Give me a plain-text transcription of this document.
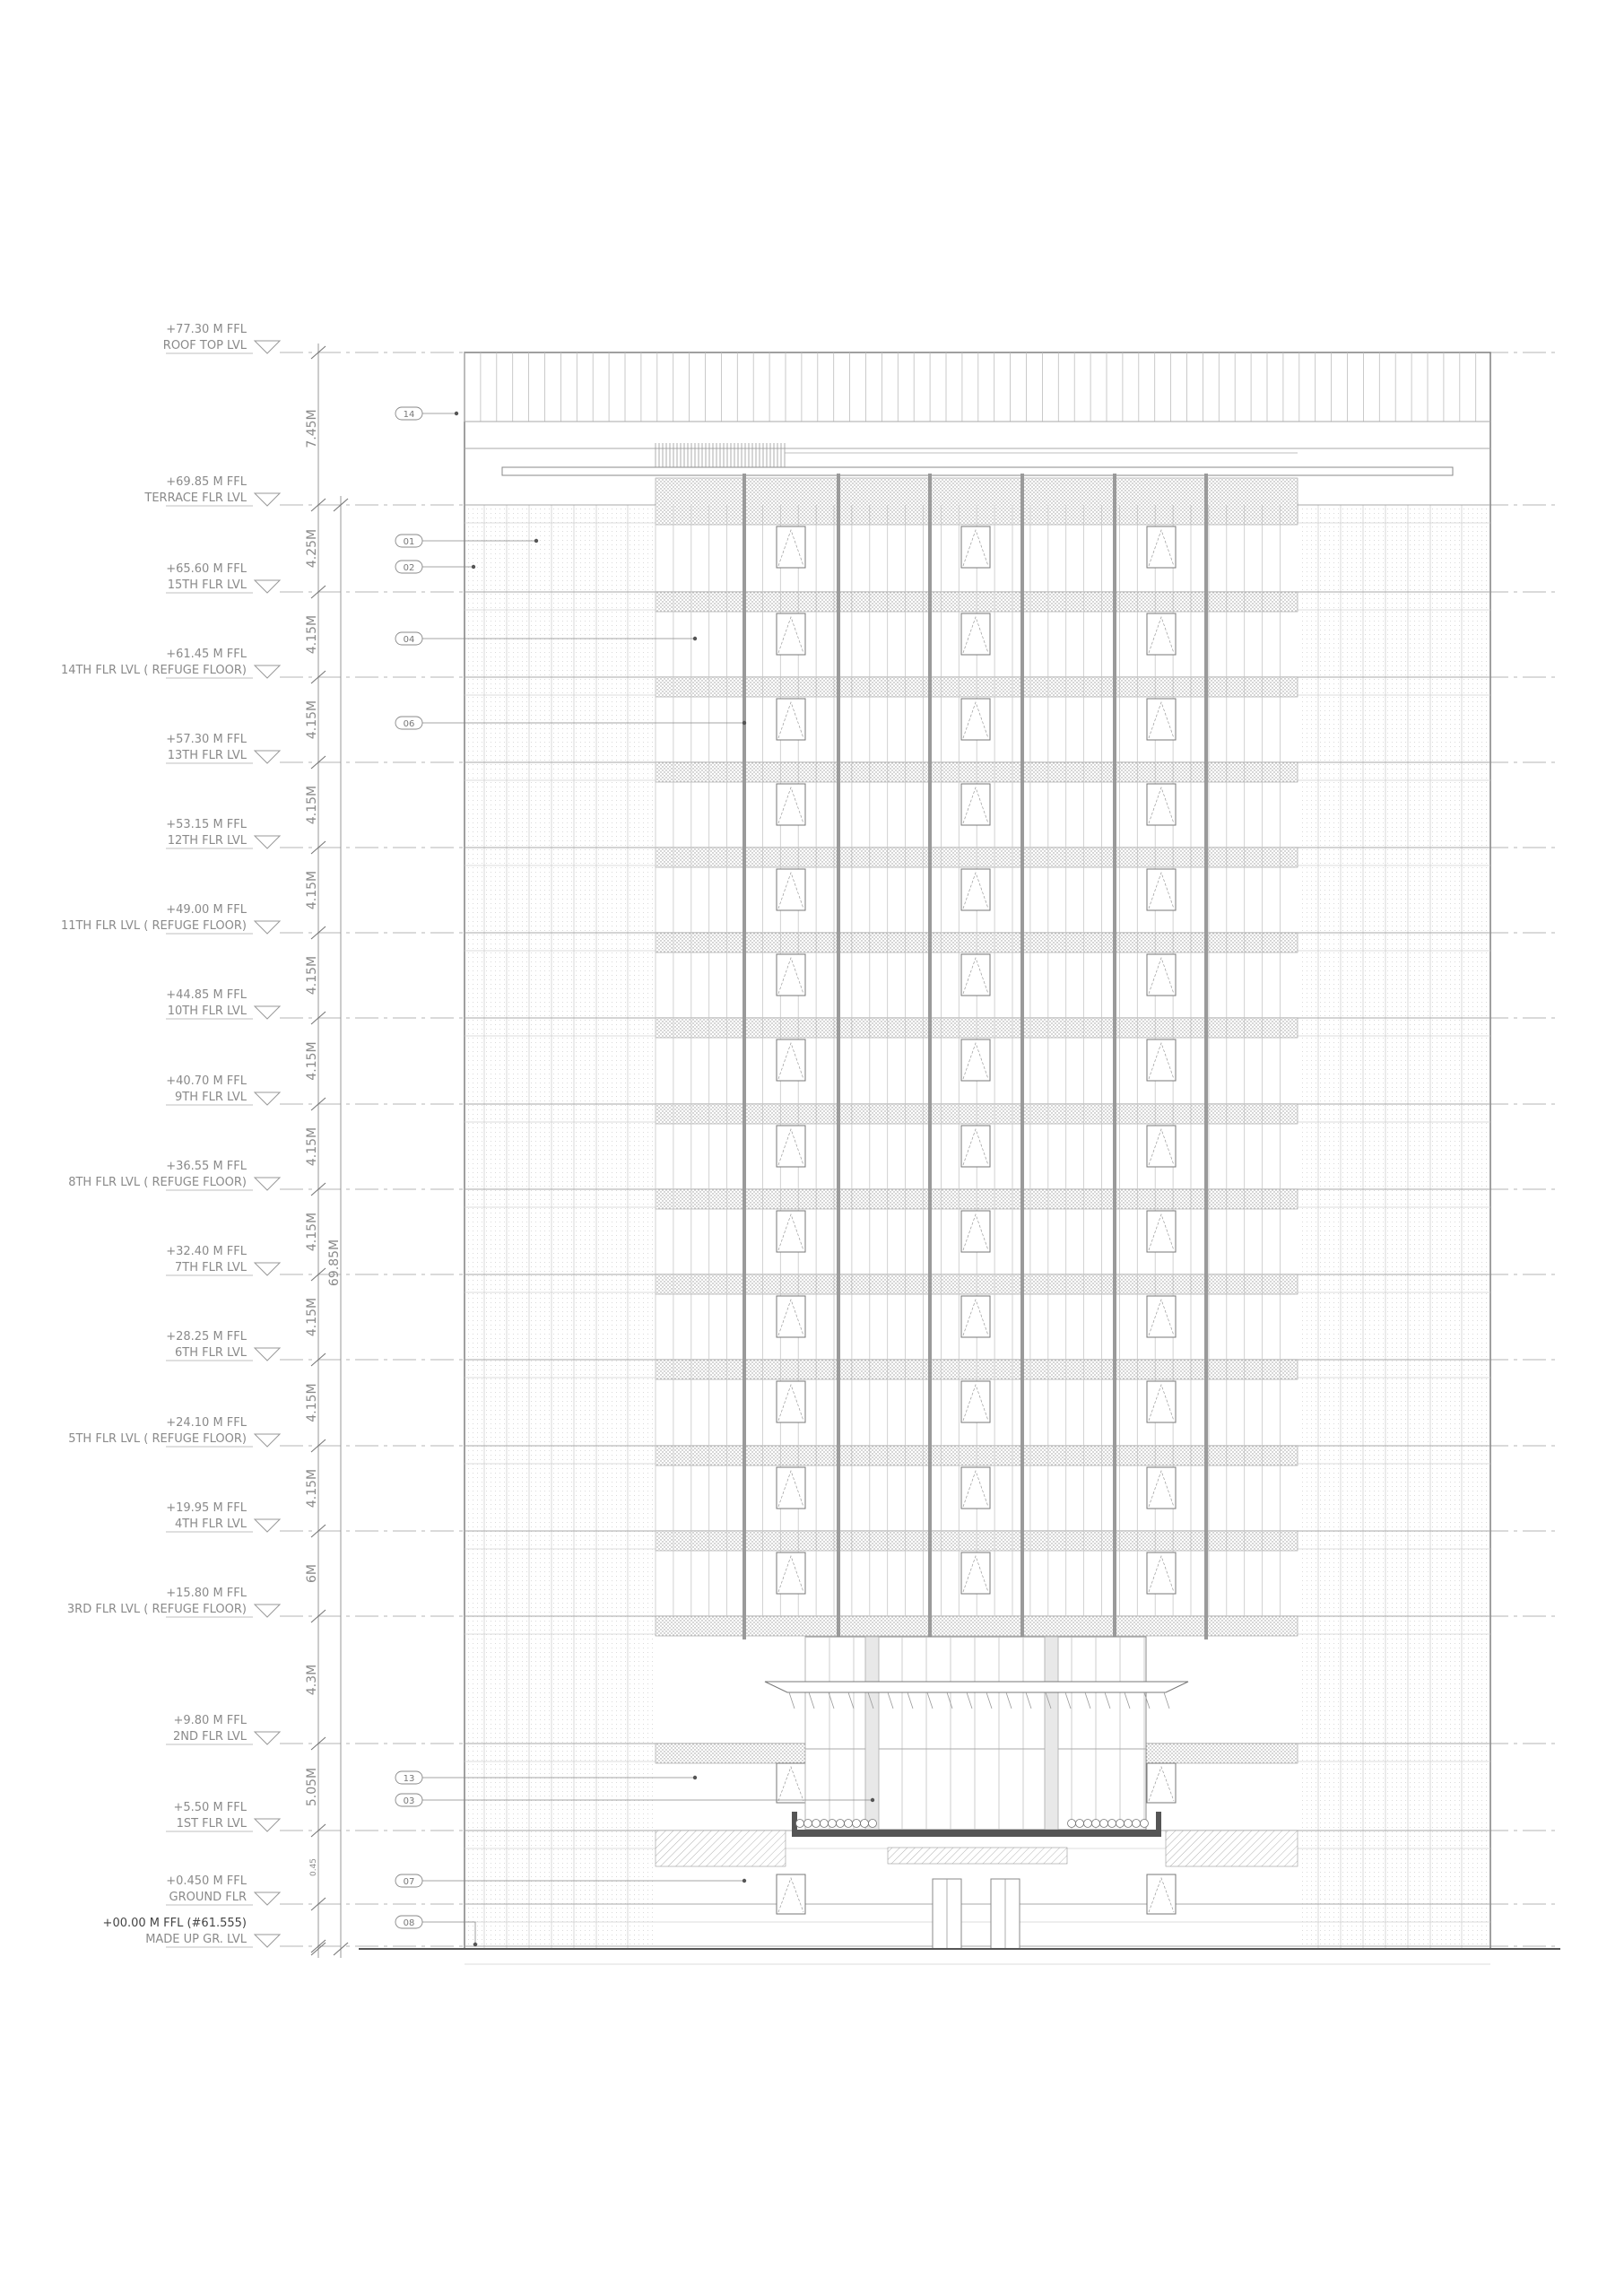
+77.30 M FFL
ROOF TOP LVL
+69.85 M FFL
TERRACE FLR LVL
+65.60 M FFL
15TH FLR LVL
+61.45 M FFL
14TH FLR LVL ( REFUGE FLOOR)
+57.30 M FFL
13TH FLR LVL
+53.15 M FFL
12TH FLR LVL
+49.00 M FFL
11TH FLR LVL ( REFUGE FLOOR)
+44.85 M FFL
10TH FLR LVL
+40.70 M FFL
9TH FLR LVL
+36.55 M FFL
8TH FLR LVL ( REFUGE FLOOR)
+32.40 M FFL
7TH FLR LVL
+28.25 M FFL
6TH FLR LVL
+24.10 M FFL
5TH FLR LVL ( REFUGE FLOOR)
+19.95 M FFL
4TH FLR LVL
+15.80 M FFL
3RD FLR LVL ( REFUGE FLOOR)
+9.80 M FFL
2ND FLR LVL
+5.50 M FFL
1ST FLR LVL
+0.450 M FFL
GROUND FLR
+00.00 M FFL (#61.555)
MADE UP GR. LVL
7.45M
4.25M
4.15M
4.15M
4.15M
4.15M
4.15M
4.15M
4.15M
4.15M
4.15M
4.15M
4.15M
6M
4.3M
5.05M
0.45
69.85M
14
01
02
04
06
13
03
07
08
